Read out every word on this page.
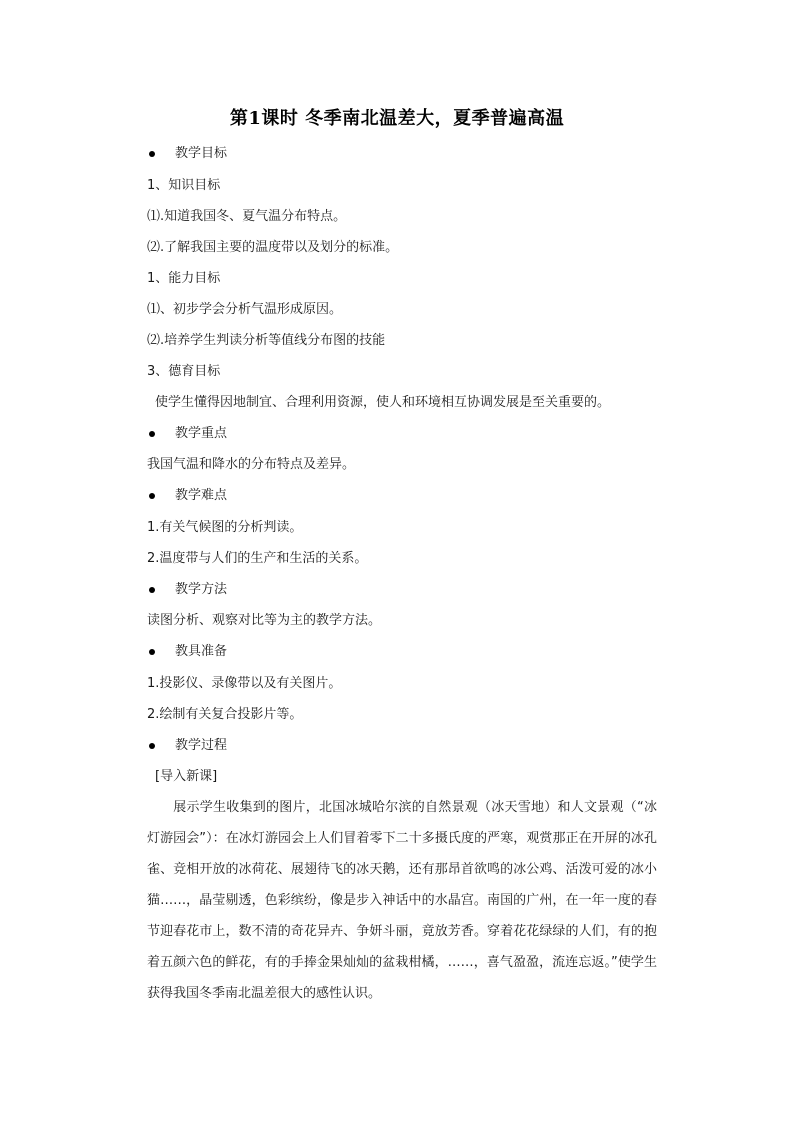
第1课时 冬季南北温差大，夏季普遍高温
教学目标
1、知识目标
⑴.知道我国冬、夏气温分布特点。
⑵.了解我国主要的温度带以及划分的标准。
1、能力目标
⑴、初步学会分析气温形成原因。
⑵.培养学生判读分析等值线分布图的技能
3、德育目标
使学生懂得因地制宜、合理利用资源，使人和环境相互协调发展是至关重要的。
教学重点
我国气温和降水的分布特点及差异。
教学难点
1.有关气候图的分析判读。
2.温度带与人们的生产和生活的关系。
教学方法
读图分析、观察对比等为主的教学方法。
教具准备
1.投影仪、录像带以及有关图片。
2.绘制有关复合投影片等。
教学过程
[导入新课]
展示学生收集到的图片，北国冰城哈尔滨的自然景观（冰天雪地）和人文景观（“冰灯游园会”）：在冰灯游园会上人们冒着零下二十多摄氏度的严寒，观赏那正在开屏的冰孔雀、竞相开放的冰荷花、展翅待飞的冰天鹅，还有那昂首欲鸣的冰公鸡、活泼可爱的冰小猫……，晶莹剔透，色彩缤纷，像是步入神话中的水晶宫。南国的广州，在一年一度的春节迎春花市上，数不清的奇花异卉、争妍斗丽，竟放芳香。穿着花花绿绿的人们，有的抱着五颜六色的鲜花，有的手捧金果灿灿的盆栽柑橘，……，喜气盈盈，流连忘返。”使学生获得我国冬季南北温差很大的感性认识。
